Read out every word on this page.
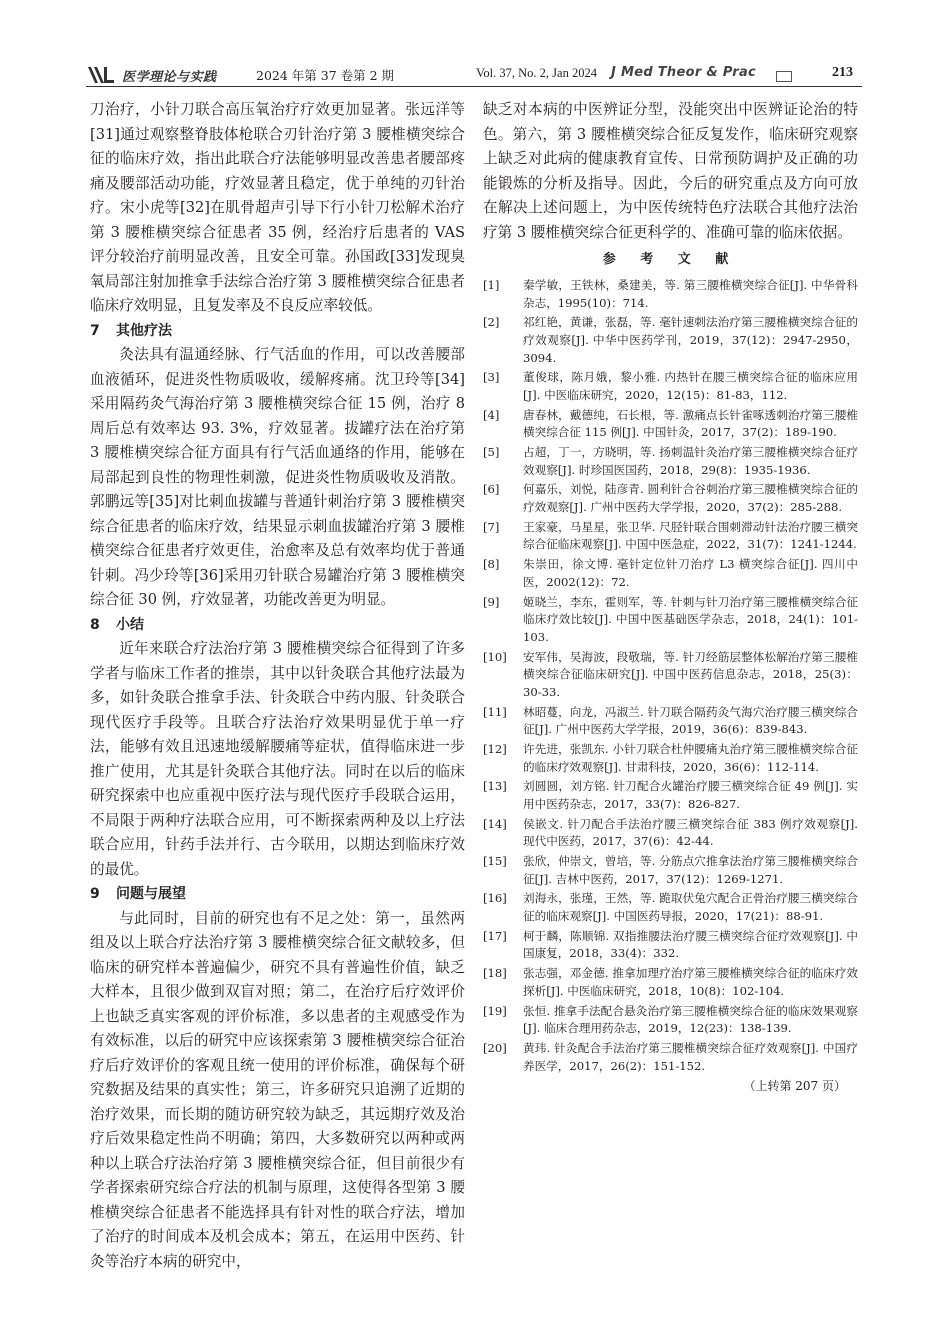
医学理论与实践	2024 年第 37 卷第 2 期	Vol. 37, No. 2, Jan 2024 J Med Theor & Prac	213

刀治疗，小针刀联合高压氧治疗疗效更加显著。张远洋等[31]通过观察整脊肢体枪联合刃针治疗第 3 腰椎横突综合征的临床疗效，指出此联合疗法能够明显改善患者腰部疼痛及腰部活动功能，疗效显著且稳定，优于单纯的刃针治疗。宋小虎等[32]在肌骨超声引导下行小针刀松解术治疗第 3 腰椎横突综合征患者 35 例，经治疗后患者的 VAS 评分较治疗前明显改善，且安全可靠。孙国政[33]发现臭氧局部注射加推拿手法综合治疗第 3 腰椎横突综合征患者临床疗效明显，且复发率及不良反应率较低。

7 其他疗法

灸法具有温通经脉、行气活血的作用，可以改善腰部血液循环，促进炎性物质吸收，缓解疼痛。沈卫玲等[34]采用隔药灸气海治疗第 3 腰椎横突综合征 15 例，治疗 8 周后总有效率达 93. 3%，疗效显著。拔罐疗法在治疗第 3 腰椎横突综合征方面具有行气活血通络的作用，能够在局部起到良性的物理性刺激，促进炎性物质吸收及消散。郭鹏远等[35]对比刺血拔罐与普通针刺治疗第 3 腰椎横突综合征患者的临床疗效，结果显示刺血拔罐治疗第 3 腰椎横突综合征患者疗效更佳，治愈率及总有效率均优于普通针刺。冯少玲等[36]采用刃针联合易罐治疗第 3 腰椎横突综合征 30 例，疗效显著，功能改善更为明显。

8 小结

近年来联合疗法治疗第 3 腰椎横突综合征得到了许多学者与临床工作者的推崇，其中以针灸联合其他疗法最为多，如针灸联合推拿手法、针灸联合中药内服、针灸联合现代医疗手段等。且联合疗法治疗效果明显优于单一疗法，能够有效且迅速地缓解腰痛等症状，值得临床进一步推广使用，尤其是针灸联合其他疗法。同时在以后的临床研究探索中也应重视中医疗法与现代医疗手段联合运用，不局限于两种疗法联合应用，可不断探索两种及以上疗法联合应用，针药手法并行、古今联用，以期达到临床疗效的最优。

9 问题与展望

与此同时，目前的研究也有不足之处：第一，虽然两组及以上联合疗法治疗第 3 腰椎横突综合征文献较多，但临床的研究样本普遍偏少，研究不具有普遍性价值，缺乏大样本，且很少做到双盲对照；第二，在治疗后疗效评价上也缺乏真实客观的评价标准，多以患者的主观感受作为有效标准，以后的研究中应该探索第 3 腰椎横突综合征治疗后疗效评价的客观且统一使用的评价标准，确保每个研究数据及结果的真实性；第三，许多研究只追溯了近期的治疗效果，而长期的随访研究较为缺乏，其远期疗效及治疗后效果稳定性尚不明确；第四，大多数研究以两种或两种以上联合疗法治疗第 3 腰椎横突综合征，但目前很少有学者探索研究综合疗法的机制与原理，这使得各型第 3 腰椎横突综合征患者不能选择具有针对性的联合疗法，增加了治疗的时间成本及机会成本；第五，在运用中医药、针灸等治疗本病的研究中，

缺乏对本病的中医辨证分型，没能突出中医辨证论治的特色。第六，第 3 腰椎横突综合征反复发作，临床研究观察上缺乏对此病的健康教育宣传、日常预防调护及正确的功能锻炼的分析及指导。因此，今后的研究重点及方向可放在解决上述问题上，为中医传统特色疗法联合其他疗法治疗第 3 腰椎横突综合征更科学的、准确可靠的临床依据。

参 考 文 献
[1]	秦学敏，王铁林，桑建美，等. 第三腰椎横突综合征[J]. 中华骨科杂志，1995(10)：714.
[2]	祁红艳，黄谦，张磊，等. 毫针速刺法治疗第三腰椎横突综合征的疗效观察[J]. 中华中医药学刊，2019，37(12)：2947-2950，3094.
[3]	董俊球，陈月娥，黎小雅. 内热针在腰三横突综合征的临床应用[J]. 中医临床研究，2020，12(15)：81-83，112.
[4]	唐春林，戴德纯，石长根，等. 激痛点长针雀啄透刺治疗第三腰椎横突综合征 115 例[J]. 中国针灸，2017，37(2)：189-190.
[5]	占超，丁一，方晓明，等. 扬刺温针灸治疗第三腰椎横突综合征疗效观察[J]. 时珍国医国药，2018，29(8)：1935-1936.
[6]	何嘉乐，刘悦，陆彦青. 圆利针合谷刺治疗第三腰椎横突综合征的疗效观察[J]. 广州中医药大学学报，2020，37(2)：285-288.
[7]	王家豪，马星星，张卫华. 尺胫针联合围刺滞动针法治疗腰三横突综合征临床观察[J]. 中国中医急症，2022，31(7)：1241-1244.
[8]	朱崇田，徐文博. 毫针定位针刀治疗 L3 横突综合征[J]. 四川中医，2002(12)：72.
[9]	姬晓兰，李东，霍则军，等. 针刺与针刀治疗第三腰椎横突综合征临床疗效比较[J]. 中国中医基础医学杂志，2018，24(1)：101-103.
[10]	安军伟，吴海波，段敬瑞，等. 针刀经筋层整体松解治疗第三腰椎横突综合征临床研究[J]. 中国中医药信息杂志，2018，25(3)：30-33.
[11]	林昭蔓，向龙，冯淑兰. 针刀联合隔药灸气海穴治疗腰三横突综合征[J]. 广州中医药大学学报，2019，36(6)：839-843.
[12]	许先进，张凯东. 小针刀联合杜仲腰痛丸治疗第三腰椎横突综合征的临床疗效观察[J]. 甘肃科技，2020，36(6)：112-114.
[13]	刘圆圆，刘方铭. 针刀配合火罐治疗腰三横突综合征 49 例[J]. 实用中医药杂志，2017，33(7)：826-827.
[14]	侯嵌文. 针刀配合手法治疗腰三横突综合征 383 例疗效观察[J]. 现代中医药，2017，37(6)：42-44.
[15]	张欣，仲崇文，曾培，等. 分筋点穴推拿法治疗第三腰椎横突综合征[J]. 吉林中医药，2017，37(12)：1269-1271.
[16]	刘海永，张瑾，王然，等. 跪取伏兔穴配合正骨治疗腰三横突综合征的临床观察[J]. 中国医药导报，2020，17(21)：88-91.
[17]	柯于麟，陈顺锦. 双指推腰法治疗腰三横突综合征疗效观察[J]. 中国康复，2018，33(4)：332.
[18]	张志强，邓金德. 推拿加理疗治疗第三腰椎横突综合征的临床疗效探析[J]. 中医临床研究，2018，10(8)：102-104.
[19]	张恒. 推拿手法配合悬灸治疗第三腰椎横突综合征的临床效果观察[J]. 临床合理用药杂志，2019，12(23)：138-139.
[20]	黄玮. 针灸配合手法治疗第三腰椎横突综合征疗效观察[J]. 中国疗养医学，2017，26(2)：151-152.
（上转第 207 页）
